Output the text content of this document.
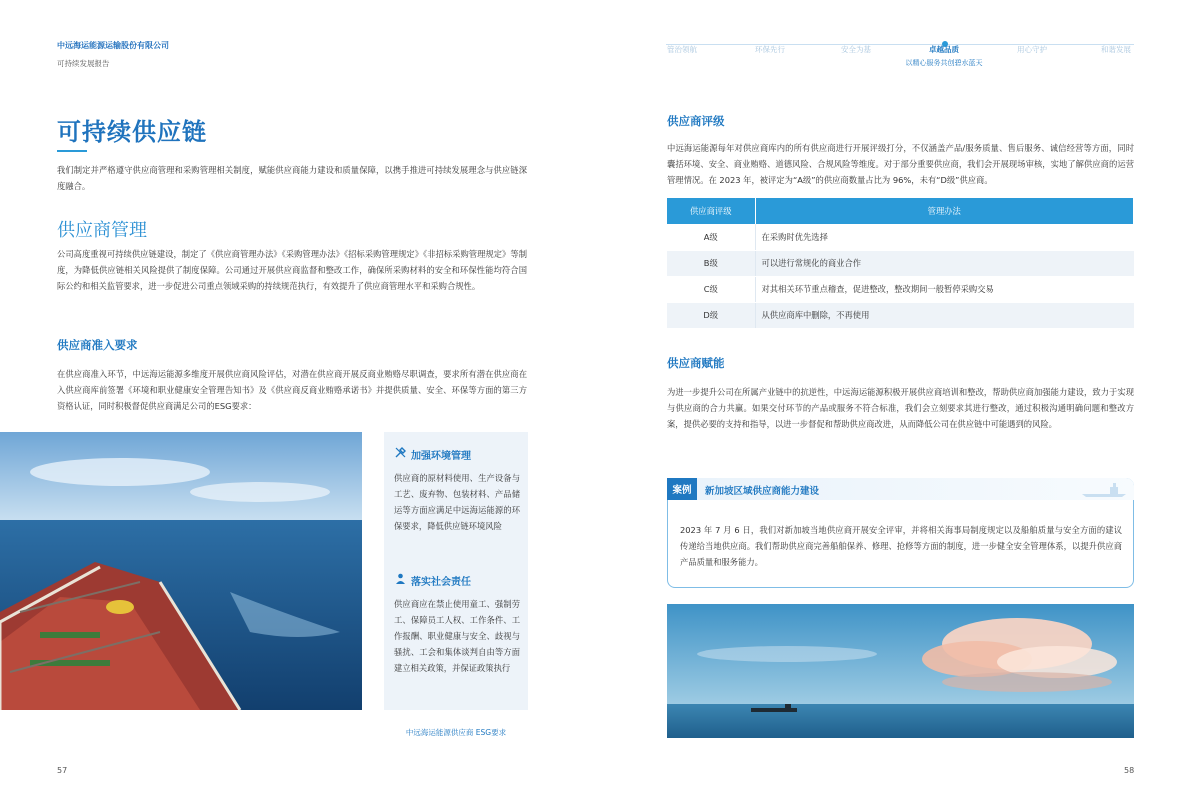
中远海运能源运输股份有限公司
可持续发展报告
管治领航	环保先行	安全为基	卓越品质	用心守护	和谐发展
以精心服务共创碧水蓝天
可持续供应链
我们制定并严格遵守供应商管理和采购管理相关制度，赋能供应商能力建设和质量保障，以携手推进可持续发展理念与供应链深度融合。
供应商管理
公司高度重视可持续供应链建设，制定了《供应商管理办法》《采购管理办法》《招标采购管理规定》《非招标采购管理规定》等制度，为降低供应链相关风险提供了制度保障。公司通过开展供应商监督和整改工作，确保所采购材料的安全和环保性能均符合国际公约和相关监管要求，进一步促进公司重点领域采购的持续规范执行，有效提升了供应商管理水平和采购合规性。
供应商准入要求
在供应商准入环节，中远海运能源多维度开展供应商风险评估，对潜在供应商开展反商业贿赂尽职调查，要求所有潜在供应商在入供应商库前签署《环境和职业健康安全管理告知书》及《供应商反商业贿赂承诺书》并提供质量、安全、环保等方面的第三方资格认证，同时积极督促供应商满足公司的ESG要求：
加强环境管理
供应商的原材料使用、生产设备与工艺、废弃物、包装材料、产品储运等方面应满足中远海运能源的环保要求，降低供应链环境风险
落实社会责任
供应商应在禁止使用童工、强制劳工、保障员工人权、工作条件、工作报酬、职业健康与安全、歧视与骚扰、工会和集体谈判自由等方面建立相关政策，并保证政策执行
中远海运能源供应商 ESG要求
57
供应商评级
中远海运能源每年对供应商库内的所有供应商进行开展评级打分，不仅涵盖产品/服务质量、售后服务、诚信经营等方面，同时囊括环境、安全、商业贿赂、道德风险、合规风险等维度。对于部分重要供应商，我们会开展现场审核，实地了解供应商的运营管理情况。在 2023 年，被评定为“A级”的供应商数量占比为 96%，未有“D级”供应商。
供应商评级	管理办法
A级	在采购时优先选择
B级	可以进行常规化的商业合作
C级	对其相关环节重点稽查，促进整改，整改期间一般暂停采购交易
D级	从供应商库中删除，不再使用
供应商赋能
为进一步提升公司在所属产业链中的抗逆性，中远海运能源积极开展供应商培训和整改，帮助供应商加强能力建设，致力于实现与供应商的合力共赢。如果交付环节的产品或服务不符合标准，我们会立刻要求其进行整改，通过积极沟通明确问题和整改方案，提供必要的支持和指导，以进一步督促和帮助供应商改进，从而降低公司在供应链中可能遇到的风险。
案例	新加坡区域供应商能力建设
2023 年 7 月 6 日，我们对新加坡当地供应商开展安全评审，并将相关海事局制度规定以及船舶质量与安全方面的建议传递给当地供应商。我们帮助供应商完善船舶保养、修理、抢修等方面的制度，进一步健全安全管理体系，以提升供应商产品质量和服务能力。
58
